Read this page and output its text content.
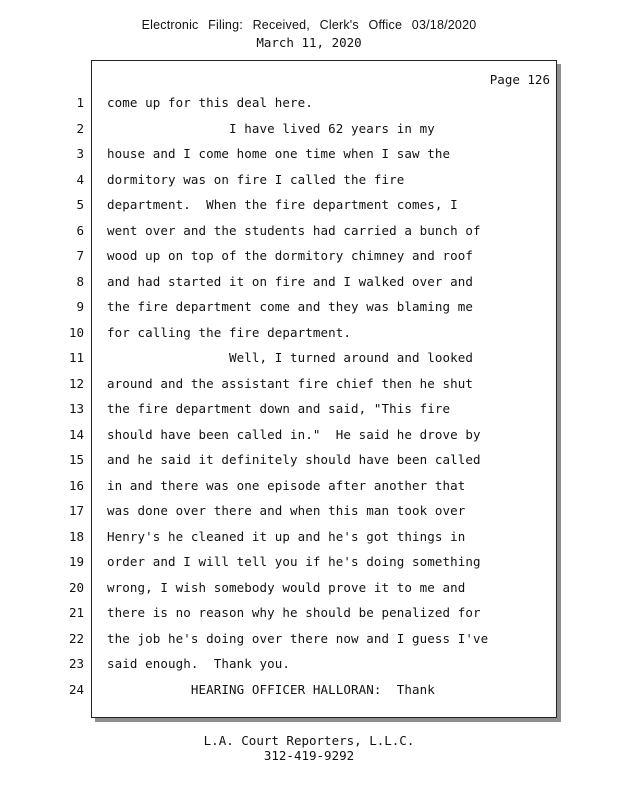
Electronic Filing: Received, Clerk's Office 03/18/2020
March 11, 2020
Page 126
1 come up for this deal here.
2 I have lived 62 years in my
3 house and I come home one time when I saw the
4 dormitory was on fire I called the fire
5 department.  When the fire department comes, I
6 went over and the students had carried a bunch of
7 wood up on top of the dormitory chimney and roof
8 and had started it on fire and I walked over and
9 the fire department come and they was blaming me
10 for calling the fire department.
11 Well, I turned around and looked
12 around and the assistant fire chief then he shut
13 the fire department down and said, "This fire
14 should have been called in."  He said he drove by
15 and he said it definitely should have been called
16 in and there was one episode after another that
17 was done over there and when this man took over
18 Henry's he cleaned it up and he's got things in
19 order and I will tell you if he's doing something
20 wrong, I wish somebody would prove it to me and
21 there is no reason why he should be penalized for
22 the job he's doing over there now and I guess I've
23 said enough.  Thank you.
24 HEARING OFFICER HALLORAN:  Thank
L.A. Court Reporters, L.L.C.
312-419-9292
